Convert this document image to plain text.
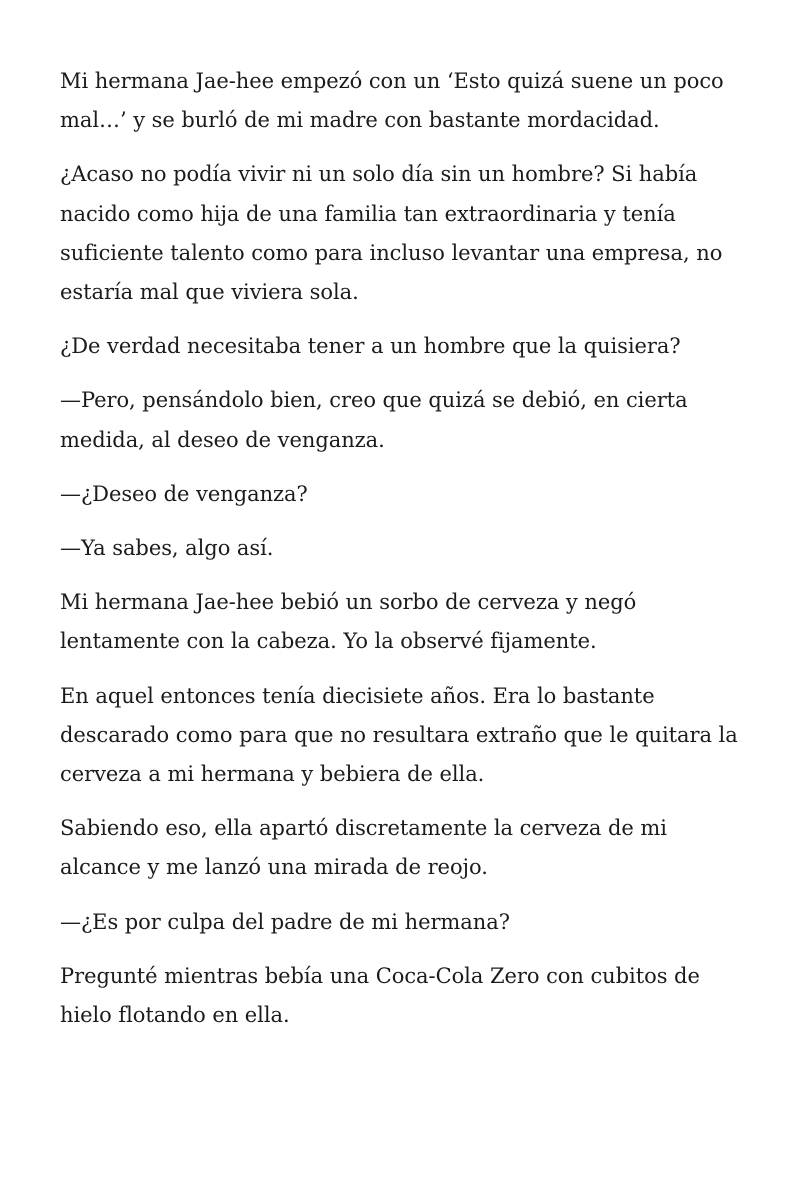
Mi hermana Jae-hee empezó con un ‘Esto quizá suene un poco mal…’ y se burló de mi madre con bastante mordacidad.

¿Acaso no podía vivir ni un solo día sin un hombre? Si había nacido como hija de una familia tan extraordinaria y tenía suficiente talento como para incluso levantar una empresa, no estaría mal que viviera sola.

¿De verdad necesitaba tener a un hombre que la quisiera?

—Pero, pensándolo bien, creo que quizá se debió, en cierta medida, al deseo de venganza.

—¿Deseo de venganza?

—Ya sabes, algo así.

Mi hermana Jae-hee bebió un sorbo de cerveza y negó lentamente con la cabeza. Yo la observé fijamente.

En aquel entonces tenía diecisiete años. Era lo bastante descarado como para que no resultara extraño que le quitara la cerveza a mi hermana y bebiera de ella.

Sabiendo eso, ella apartó discretamente la cerveza de mi alcance y me lanzó una mirada de reojo.

—¿Es por culpa del padre de mi hermana?

Pregunté mientras bebía una Coca-Cola Zero con cubitos de hielo flotando en ella.
